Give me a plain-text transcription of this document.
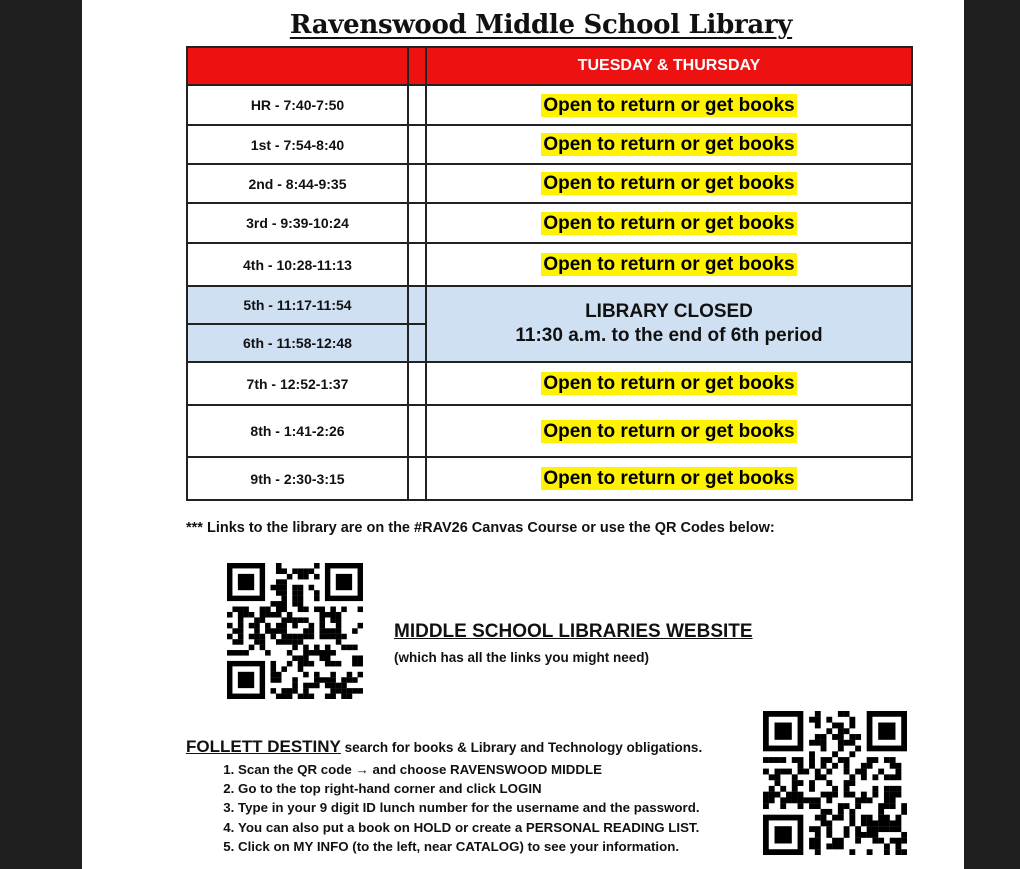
Ravenswood Middle School Library
		TUESDAY & THURSDAY
HR - 7:40-7:50		Open to return or get books
1st - 7:54-8:40		Open to return or get books
2nd - 8:44-9:35		Open to return or get books
3rd - 9:39-10:24		Open to return or get books
4th - 10:28-11:13		Open to return or get books
5th - 11:17-11:54		LIBRARY CLOSED
11:30 a.m. to the end of 6th period

6th - 11:58-12:48		
7th - 12:52-1:37		Open to return or get books
8th - 1:41-2:26		Open to return or get books
9th - 2:30-3:15		Open to return or get books
*** Links to the library are on the #RAV26 Canvas Course or use the QR Codes below:
MIDDLE SCHOOL LIBRARIES WEBSITE
(which has all the links you might need)
FOLLETT DESTINY search for books & Library and Technology obligations.
1. Scan the QR code → and choose RAVENSWOOD MIDDLE
2. Go to the top right-hand corner and click LOGIN
3. Type in your 9 digit ID lunch number for the username and the password.
4. You can also put a book on HOLD or create a PERSONAL READING LIST.
5. Click on MY INFO (to the left, near CATALOG) to see your information.
